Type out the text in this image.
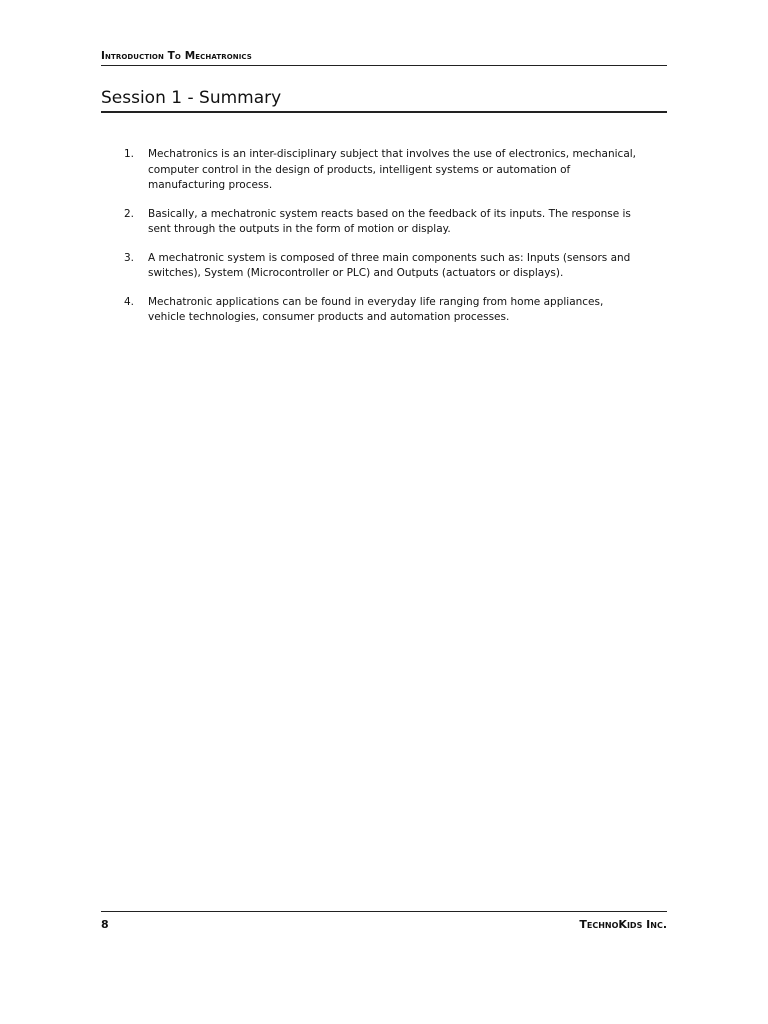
Introduction To Mechatronics
Session 1 - Summary
1.	Mechatronics is an inter-disciplinary subject that involves the use of electronics, mechanical,
computer control in the design of products, intelligent systems or automation of
manufacturing process.
2.	Basically, a mechatronic system reacts based on the feedback of its inputs. The response is
sent through the outputs in the form of motion or display.
3.	A mechatronic system is composed of three main components such as: Inputs (sensors and
switches), System (Microcontroller or PLC) and Outputs (actuators or displays).
4.	Mechatronic applications can be found in everyday life ranging from home appliances,
vehicle technologies, consumer products and automation processes.
8	TechnoKids Inc.
